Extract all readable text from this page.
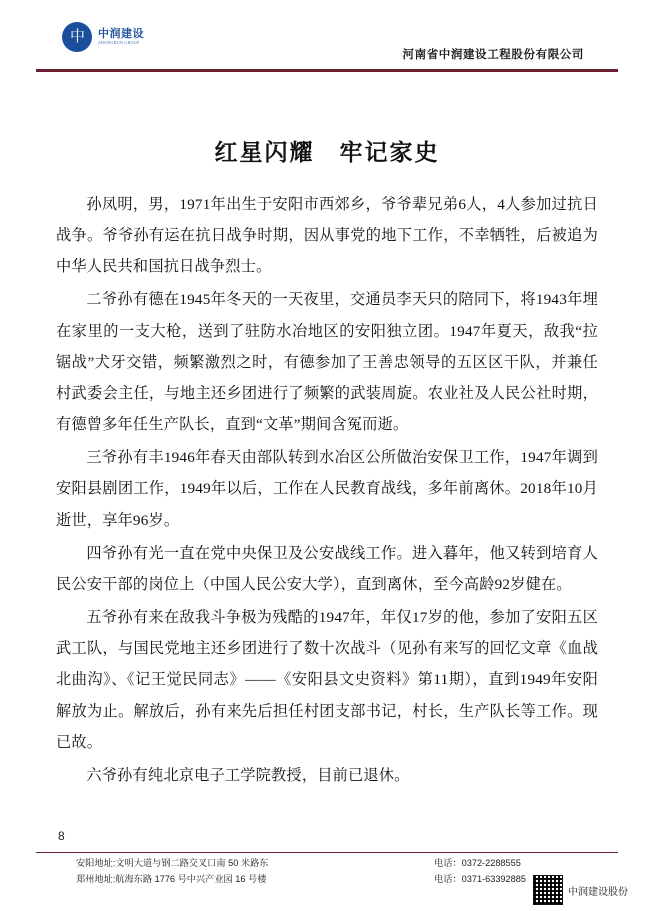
中	中润建设
ZHONGRUN GROUP
河南省中润建设工程股份有限公司
红星闪耀　牢记家史

孙凤明，男，1971年出生于安阳市西郊乡，爷爷辈兄弟6人，4人参加过抗日战争。爷爷孙有运在抗日战争时期，因从事党的地下工作，不幸牺牲，后被追为中华人民共和国抗日战争烈士。

二爷孙有德在1945年冬天的一天夜里，交通员李天只的陪同下，将1943年埋在家里的一支大枪，送到了驻防水冶地区的安阳独立团。1947年夏天，敌我“拉锯战”犬牙交错，频繁激烈之时，有德参加了王善忠领导的五区区干队，并兼任村武委会主任，与地主还乡团进行了频繁的武装周旋。农业社及人民公社时期，有德曾多年任生产队长，直到“文革”期间含冤而逝。

三爷孙有丰1946年春天由部队转到水冶区公所做治安保卫工作，1947年调到安阳县剧团工作，1949年以后，工作在人民教育战线，多年前离休。2018年10月逝世，享年96岁。

四爷孙有光一直在党中央保卫及公安战线工作。进入暮年，他又转到培育人民公安干部的岗位上（中国人民公安大学），直到离休，至今高龄92岁健在。

五爷孙有来在敌我斗争极为残酷的1947年，年仅17岁的他，参加了安阳五区武工队，与国民党地主还乡团进行了数十次战斗（见孙有来写的回忆文章《血战北曲沟》、《记王觉民同志》——《安阳县文史资料》第11期），直到1949年安阳解放为止。解放后，孙有来先后担任村团支部书记，村长，生产队长等工作。现已故。

六爷孙有纯北京电子工学院教授，目前已退休。

8
安阳地址:文明大道与钢二路交叉口南 50 米路东
郑州地址:航海东路 1776 号中兴产业园 16 号楼
电话：0372-2288555
电话：0371-63392885
中润建设股份
